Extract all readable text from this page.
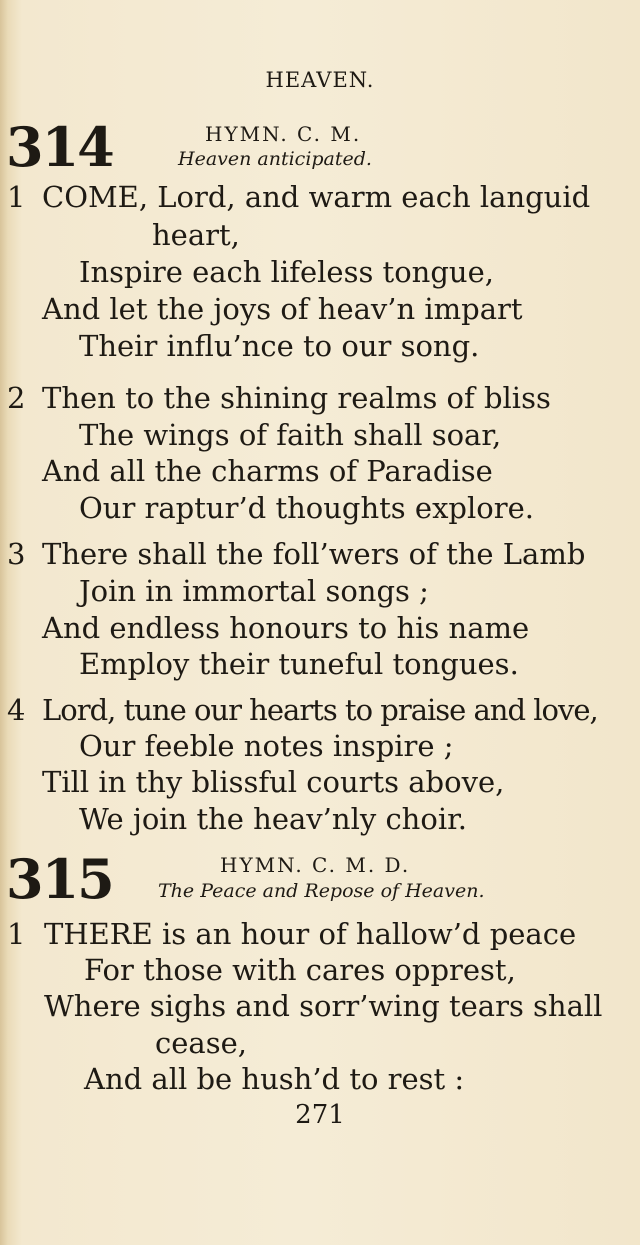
HEAVEN.
314	HYMN. C. M.
Heaven anticipated.
1 COME, Lord, and warm each languid
heart,
Inspire each lifeless tongue,
And let the joys of heav’n impart
Their influ’nce to our song.
2 Then to the shining realms of bliss
The wings of faith shall soar,
And all the charms of Paradise
Our raptur’d thoughts explore.
3 There shall the foll’wers of the Lamb
Join in immortal songs ;
And endless honours to his name
Employ their tuneful tongues.
4 Lord, tune our hearts to praise and love,
Our feeble notes inspire ;
Till in thy blissful courts above,
We join the heav’nly choir.
315	HYMN. C. M. D.
The Peace and Repose of Heaven.
1 THERE is an hour of hallow’d peace
For those with cares opprest,
Where sighs and sorr’wing tears shall
cease,
And all be hush’d to rest :
271
